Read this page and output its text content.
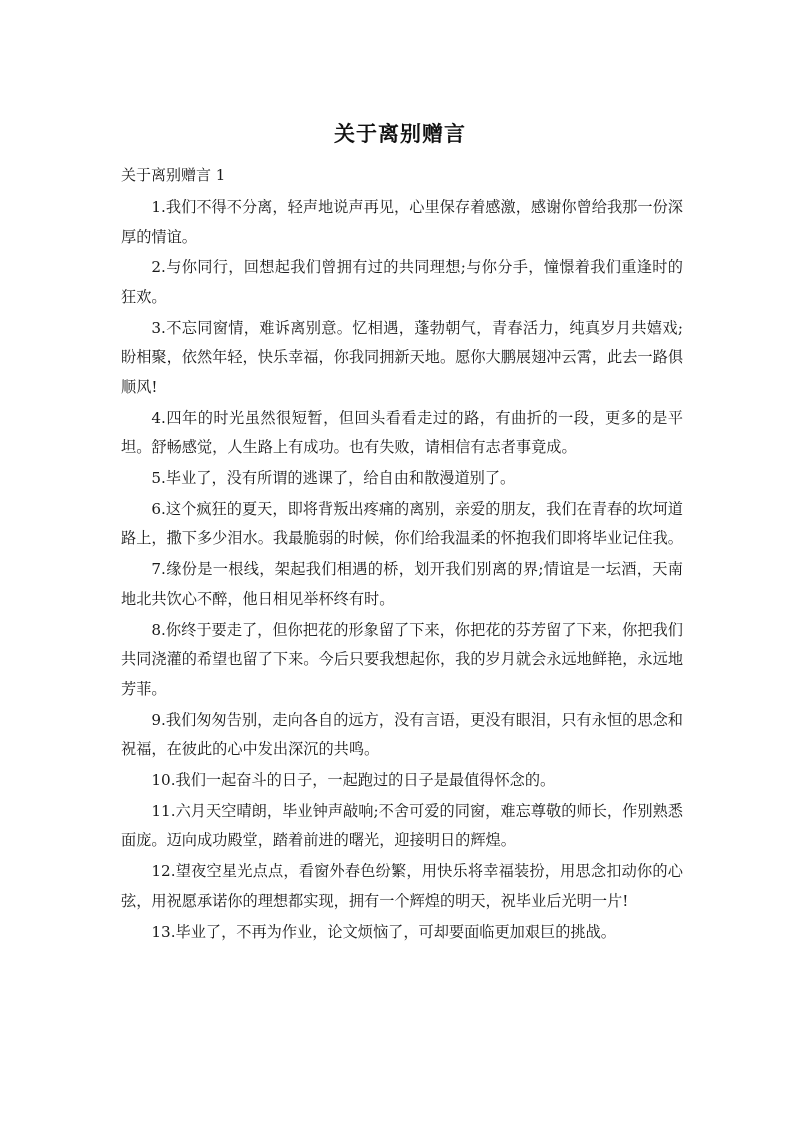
关于离别赠言
关于离别赠言 1

1.我们不得不分离，轻声地说声再见，心里保存着感激，感谢你曾给我那一份深厚的情谊。

2.与你同行，回想起我们曾拥有过的共同理想;与你分手，憧憬着我们重逢时的狂欢。

3.不忘同窗情，难诉离别意。忆相遇，蓬勃朝气，青春活力，纯真岁月共嬉戏;盼相聚，依然年轻，快乐幸福，你我同拥新天地。愿你大鹏展翅冲云霄，此去一路俱顺风!

4.四年的时光虽然很短暂，但回头看看走过的路，有曲折的一段，更多的是平坦。舒畅感觉，人生路上有成功。也有失败，请相信有志者事竟成。

5.毕业了，没有所谓的逃课了，给自由和散漫道别了。

6.这个疯狂的夏天，即将背叛出疼痛的离别，亲爱的朋友，我们在青春的坎坷道路上，撒下多少泪水。我最脆弱的时候，你们给我温柔的怀抱我们即将毕业记住我。

7.缘份是一根线，架起我们相遇的桥，划开我们别离的界;情谊是一坛酒，天南地北共饮心不醉，他日相见举杯终有时。

8.你终于要走了，但你把花的形象留了下来，你把花的芬芳留了下来，你把我们共同浇灌的希望也留了下来。今后只要我想起你，我的岁月就会永远地鲜艳，永远地芳菲。

9.我们匆匆告别，走向各自的远方，没有言语，更没有眼泪，只有永恒的思念和祝福，在彼此的心中发出深沉的共鸣。

10.我们一起奋斗的日子，一起跑过的日子是最值得怀念的。

11.六月天空晴朗，毕业钟声敲响;不舍可爱的同窗，难忘尊敬的师长，作别熟悉面庞。迈向成功殿堂，踏着前进的曙光，迎接明日的辉煌。

12.望夜空星光点点，看窗外春色纷繁，用快乐将幸福装扮，用思念扣动你的心弦，用祝愿承诺你的理想都实现，拥有一个辉煌的明天，祝毕业后光明一片!

13.毕业了，不再为作业，论文烦恼了，可却要面临更加艰巨的挑战。
